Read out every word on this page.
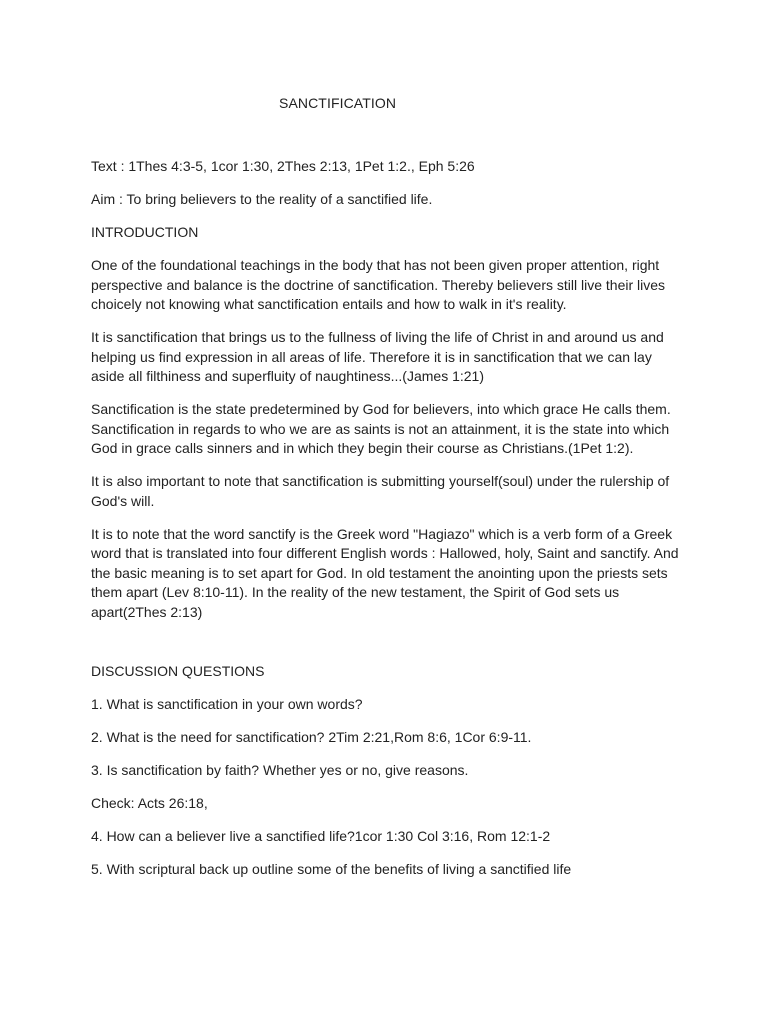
SANCTIFICATION

Text : 1Thes 4:3-5, 1cor 1:30, 2Thes 2:13, 1Pet 1:2., Eph 5:26

Aim : To bring believers to the reality of a sanctified life.

INTRODUCTION

One of the foundational teachings in the body that has not been given proper attention, right perspective and balance is the doctrine of sanctification. Thereby believers still live their lives choicely not knowing what sanctification entails and how to walk in it's reality.

It is sanctification that brings us to the fullness of living the life of Christ in and around us and helping us find expression in all areas of life. Therefore it is in sanctification that we can lay aside all filthiness and superfluity of naughtiness...(James 1:21)

Sanctification is the state predetermined by God for believers, into which grace He calls them. Sanctification in regards to who we are as saints is not an attainment, it is the state into which God in grace calls sinners and in which they begin their course as Christians.(1Pet 1:2).

It is also important to note that sanctification is submitting yourself(soul) under the rulership of God's will.

It is to note that the word sanctify is the Greek word "Hagiazo" which is a verb form of a Greek word that is translated into four different English words : Hallowed, holy, Saint and sanctify. And the basic meaning is to set apart for God. In old testament the anointing upon the priests sets them apart (Lev 8:10-11). In the reality of the new testament, the Spirit of God sets us apart(2Thes 2:13)

DISCUSSION QUESTIONS

1. What is sanctification in your own words?

2. What is the need for sanctification? 2Tim 2:21,Rom 8:6, 1Cor 6:9-11.

3. Is sanctification by faith? Whether yes or no, give reasons.

Check: Acts 26:18,

4. How can a believer live a sanctified life?1cor 1:30 Col 3:16, Rom 12:1-2

5. With scriptural back up outline some of the benefits of living a sanctified life
